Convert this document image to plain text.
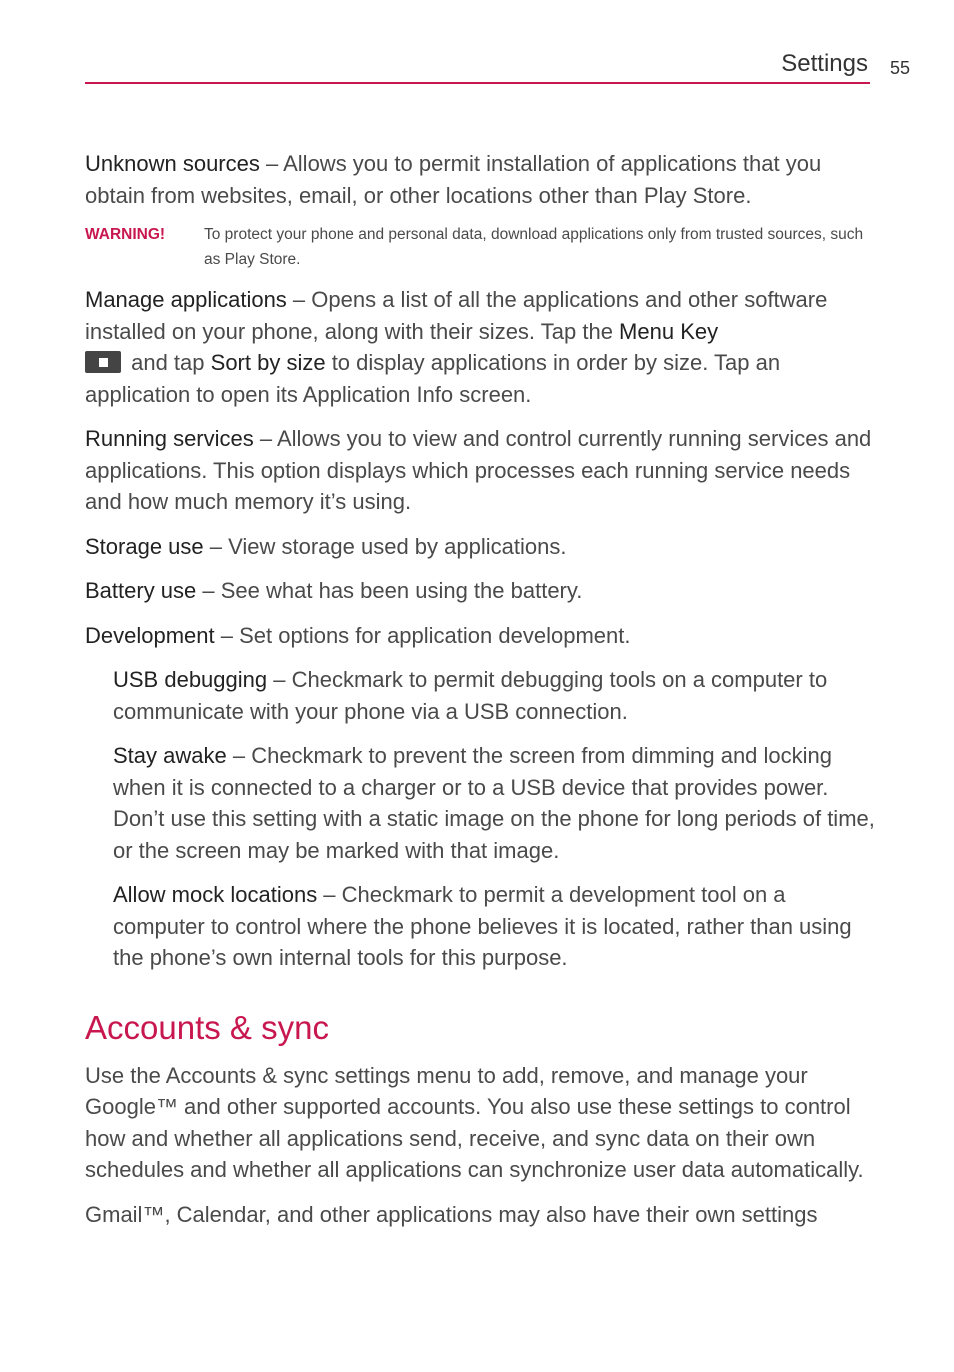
Settings 55

Unknown sources – Allows you to permit installation of applications that you obtain from websites, email, or other locations other than Play Store.

WARNING!	To protect your phone and personal data, download applications only from trusted sources, such as Play Store.

Manage applications – Opens a list of all the applications and other software installed on your phone, along with their sizes. Tap the Menu Key
and tap Sort by size to display applications in order by size. Tap an application to open its Application Info screen.

Running services – Allows you to view and control currently running services and applications. This option displays which processes each running service needs and how much memory it’s using.

Storage use – View storage used by applications.

Battery use – See what has been using the battery.

Development – Set options for application development.

USB debugging – Checkmark to permit debugging tools on a computer to communicate with your phone via a USB connection.

Stay awake – Checkmark to prevent the screen from dimming and locking when it is connected to a charger or to a USB device that provides power. Don’t use this setting with a static image on the phone for long periods of time, or the screen may be marked with that image.

Allow mock locations – Checkmark to permit a development tool on a computer to control where the phone believes it is located, rather than using the phone’s own internal tools for this purpose.

Accounts & sync

Use the Accounts & sync settings menu to add, remove, and manage your Google™ and other supported accounts. You also use these settings to control how and whether all applications send, receive, and sync data on their own schedules and whether all applications can synchronize user data automatically.

Gmail™, Calendar, and other applications may also have their own settings
